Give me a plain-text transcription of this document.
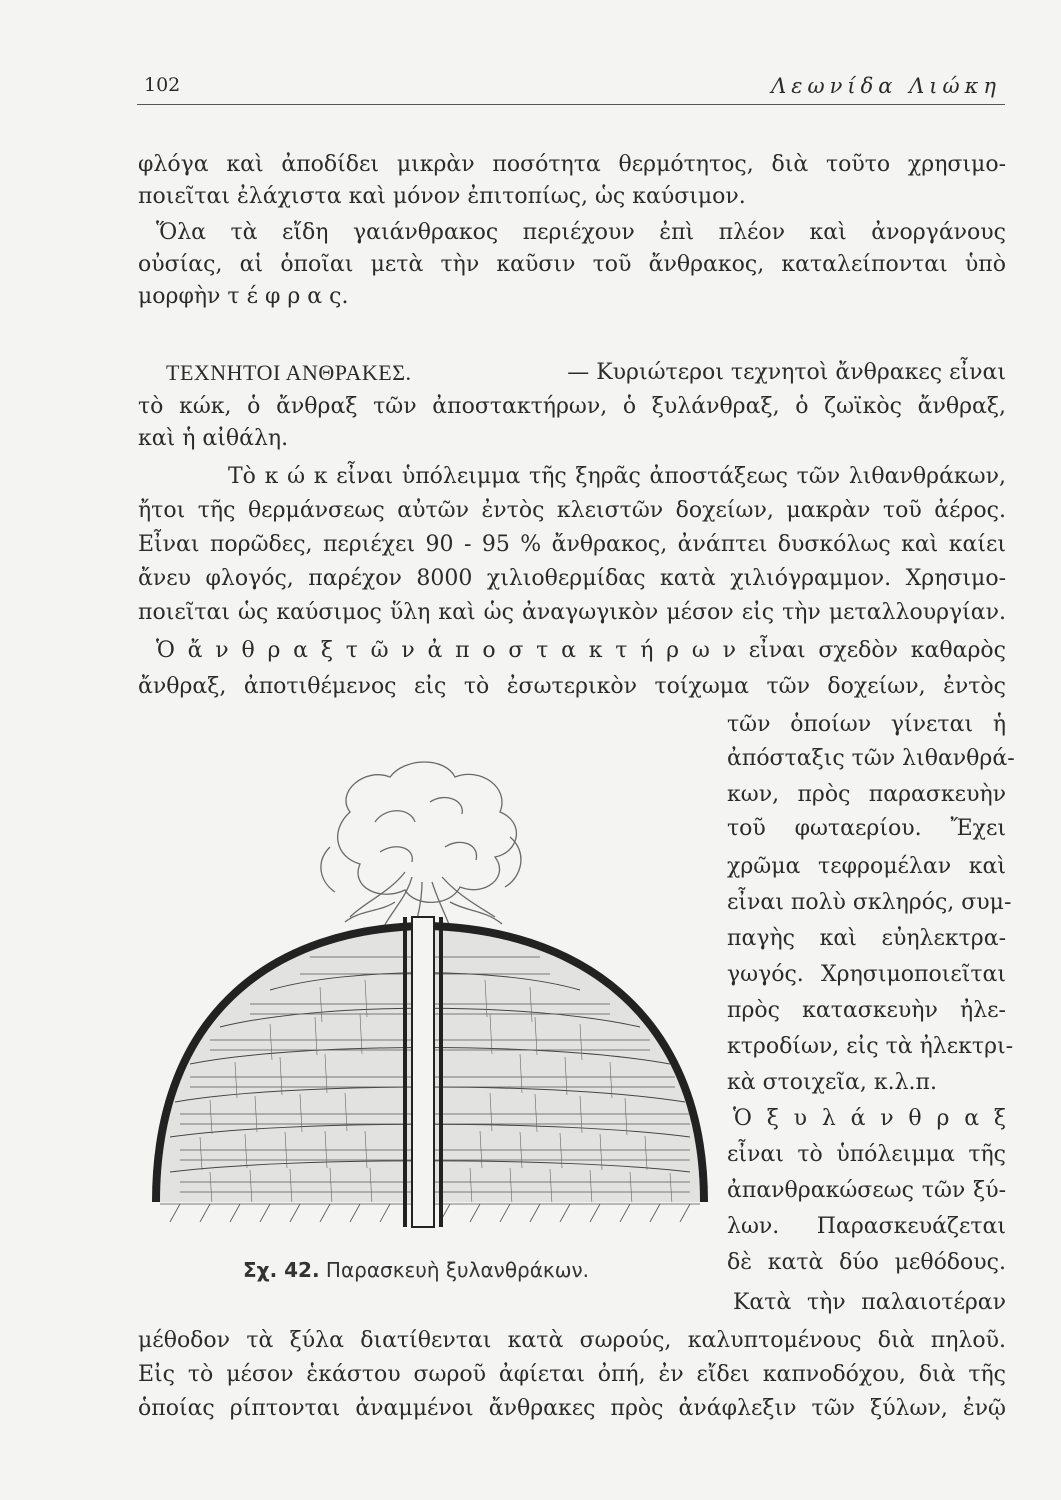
102	Λεωνίδα Λιώκη
φλόγα καὶ ἀποδίδει μικρὰν ποσότητα θερμότητος, διὰ τοῦτο χρησιμο-
ποιεῖται ἐλάχιστα καὶ μόνον ἐπιτοπίως, ὡς καύσιμον.
Ὅλα τὰ εἴδη γαιάνθρακος περιέχουν ἐπὶ πλέον καὶ ἀνοργάνους
οὐσίας, αἱ ὁποῖαι μετὰ τὴν καῦσιν τοῦ ἄνθρακος, καταλείπονται ὑπὸ
μορφὴν τ έ φ ρ α ς.
ΤΕΧΝΗΤΟΙ ΑΝΘΡΑΚΕΣ.	— Κυριώτεροι τεχνητοὶ ἄνθρακες εἶναι
τὸ κώκ, ὁ ἄνθραξ τῶν ἀποστακτήρων, ὁ ξυλάνθραξ, ὁ ζωϊκὸς ἄνθραξ,
καὶ ἡ αἰθάλη.
Τὸ κ ώ κ εἶναι ὑπόλειμμα τῆς ξηρᾶς ἀποστάξεως τῶν λιθανθράκων,
ἤτοι τῆς θερμάνσεως αὐτῶν ἐντὸς κλειστῶν δοχείων, μακρὰν τοῦ ἀέρος.
Εἶναι πορῶδες, περιέχει 90 - 95 % ἄνθρακος, ἀνάπτει δυσκόλως καὶ καίει
ἄνευ φλογός, παρέχον 8000 χιλιοθερμίδας κατὰ χιλιόγραμμον. Χρησιμο-
ποιεῖται ὡς καύσιμος ὕλη καὶ ὡς ἀναγωγικὸν μέσον εἰς τὴν μεταλλουργίαν.
Ὁ ἄ ν θ ρ α ξ τ ῶ ν ἀ π ο σ τ α κ τ ή ρ ω ν εἶναι σχεδὸν καθαρὸς
ἄνθραξ, ἀποτιθέμενος εἰς τὸ ἐσωτερικὸν τοίχωμα τῶν δοχείων, ἐντὸς
τῶν ὁποίων γίνεται ἡ
ἀπόσταξις τῶν λιθανθρά-
κων, πρὸς παρασκευὴν
τοῦ φωταερίου. Ἔχει
χρῶμα τεφρομέλαν καὶ
εἶναι πολὺ σκληρός, συμ-
παγὴς καὶ εὐηλεκτρα-
γωγός. Χρησιμοποιεῖται
πρὸς κατασκευὴν ἠλε-
κτροδίων, εἰς τὰ ἠλεκτρι-
κὰ στοιχεῖα, κ.λ.π.
Ὁ ξ υ λ ά ν θ ρ α ξ
εἶναι τὸ ὑπόλειμμα τῆς
ἀπανθρακώσεως τῶν ξύ-
λων. Παρασκευάζεται
δὲ κατὰ δύο μεθόδους.
Σχ. 42. Παρασκευὴ ξυλανθράκων.
Κατὰ τὴν παλαιοτέραν
μέθοδον τὰ ξύλα διατίθενται κατὰ σωρούς, καλυπτομένους διὰ πηλοῦ.
Εἰς τὸ μέσον ἑκάστου σωροῦ ἀφίεται ὀπή, ἐν εἴδει καπνοδόχου, διὰ τῆς
ὁποίας ρίπτονται ἀναμμένοι ἄνθρακες πρὸς ἀνάφλεξιν τῶν ξύλων, ἐνῷ
